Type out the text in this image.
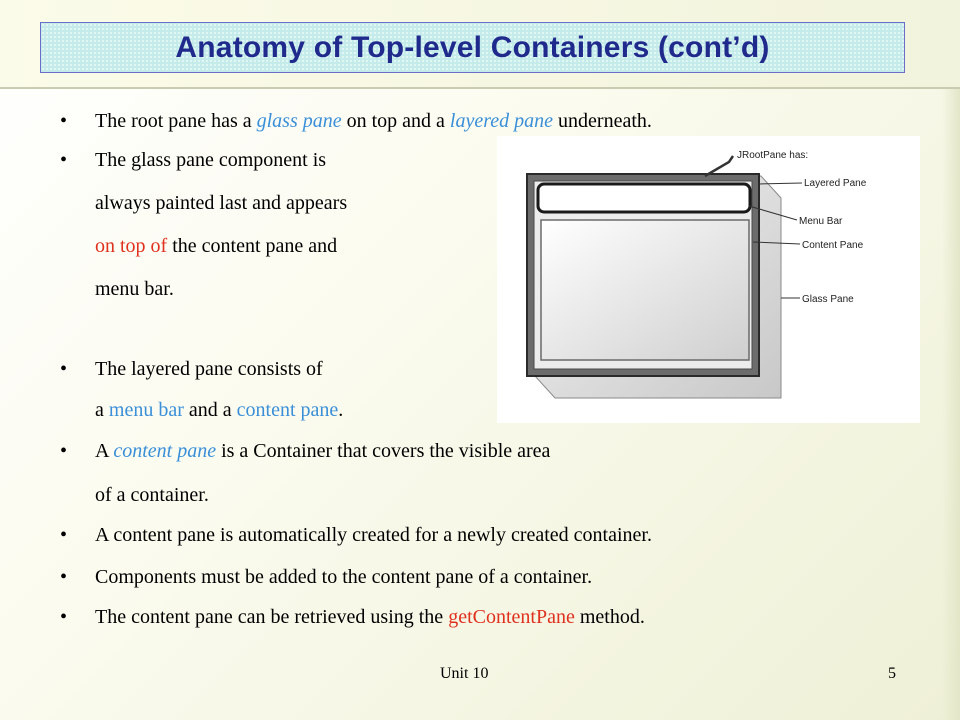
Anatomy of Top-level Containers (cont’d)
• The root pane has a glass pane on top and a layered pane underneath.
• The glass pane component is
always painted last and appears
on top of the content pane and
menu bar.
• The layered pane consists of
a menu bar and a content pane.
• A content pane is a Container that covers the visible area
of a container.
• A content pane is automatically created for a newly created container.
• Components must be added to the content pane of a container.
• The content pane can be retrieved using the getContentPane method.
JRootPane has:
Layered Pane
Menu Bar
Content Pane
Glass Pane
Unit 10	5
